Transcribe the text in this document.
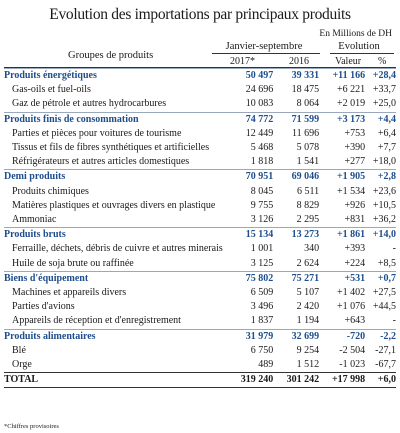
Evolution des importations par principaux produits
En Millions de DH
Groupes de produits
Janvier-septembre	Evolution
2017*	2016	Valeur %
Produits énergétiques	50 497	39 331	+11 166	+28,4
Gas-oils et fuel-oils	24 696	18 475	+6 221	+33,7
Gaz de pétrole et autres hydrocarbures	10 083	8 064	+2 019	+25,0
Produits finis de consommation	74 772	71 599	+3 173	+4,4
Parties et pièces pour voitures de tourisme	12 449	11 696	+753	+6,4
Tissus et fils de fibres synthétiques et artificielles	5 468	5 078	+390	+7,7
Réfrigérateurs et autres articles domestiques	1 818	1 541	+277	+18,0
Demi produits	70 951	69 046	+1 905	+2,8
Produits chimiques	8 045	6 511	+1 534	+23,6
Matières plastiques et ouvrages divers en plastique	9 755	8 829	+926	+10,5
Ammoniac	3 126	2 295	+831	+36,2
Produits bruts	15 134	13 273	+1 861	+14,0
Ferraille, déchets, débris de cuivre et autres minerais	1 001	340	+393	-
Huile de soja brute ou raffinée	3 125	2 624	+224	+8,5
Biens d'équipement	75 802	75 271	+531	+0,7
Machines et appareils divers	6 509	5 107	+1 402	+27,5
Parties d'avions	3 496	2 420	+1 076	+44,5
Appareils de réception et d'enregistrement	1 837	1 194	+643	-
Produits alimentaires	31 979	32 699	-720	-2,2
Blé	6 750	9 254	-2 504	-27,1
Orge	489	1 512	-1 023	-67,7
TOTAL	319 240	301 242	+17 998	+6,0
*Chiffres provisoires
